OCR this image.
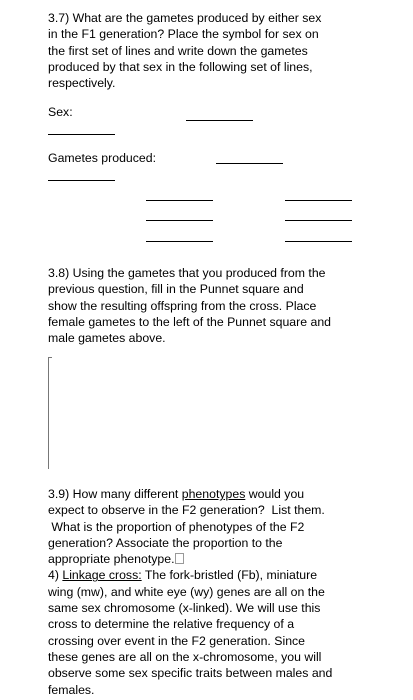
3.7) What are the gametes produced by either sex
in the F1 generation? Place the symbol for sex on
the first set of lines and write down the gametes
produced by that sex in the following set of lines,
respectively.
Sex:
Gametes produced:
3.8) Using the gametes that you produced from the
previous question, fill in the Punnet square and
show the resulting offspring from the cross. Place
female gametes to the left of the Punnet square and
male gametes above.
3.9) How many different phenotypes would you
expect to observe in the F2 generation?  List them.
What is the proportion of phenotypes of the F2
generation? Associate the proportion to the
appropriate phenotype.
4) Linkage cross: The fork-bristled (Fb), miniature
wing (mw), and white eye (wy) genes are all on the
same sex chromosome (x-linked). We will use this
cross to determine the relative frequency of a
crossing over event in the F2 generation. Since
these genes are all on the x-chromosome, you will
observe some sex specific traits between males and
females.
